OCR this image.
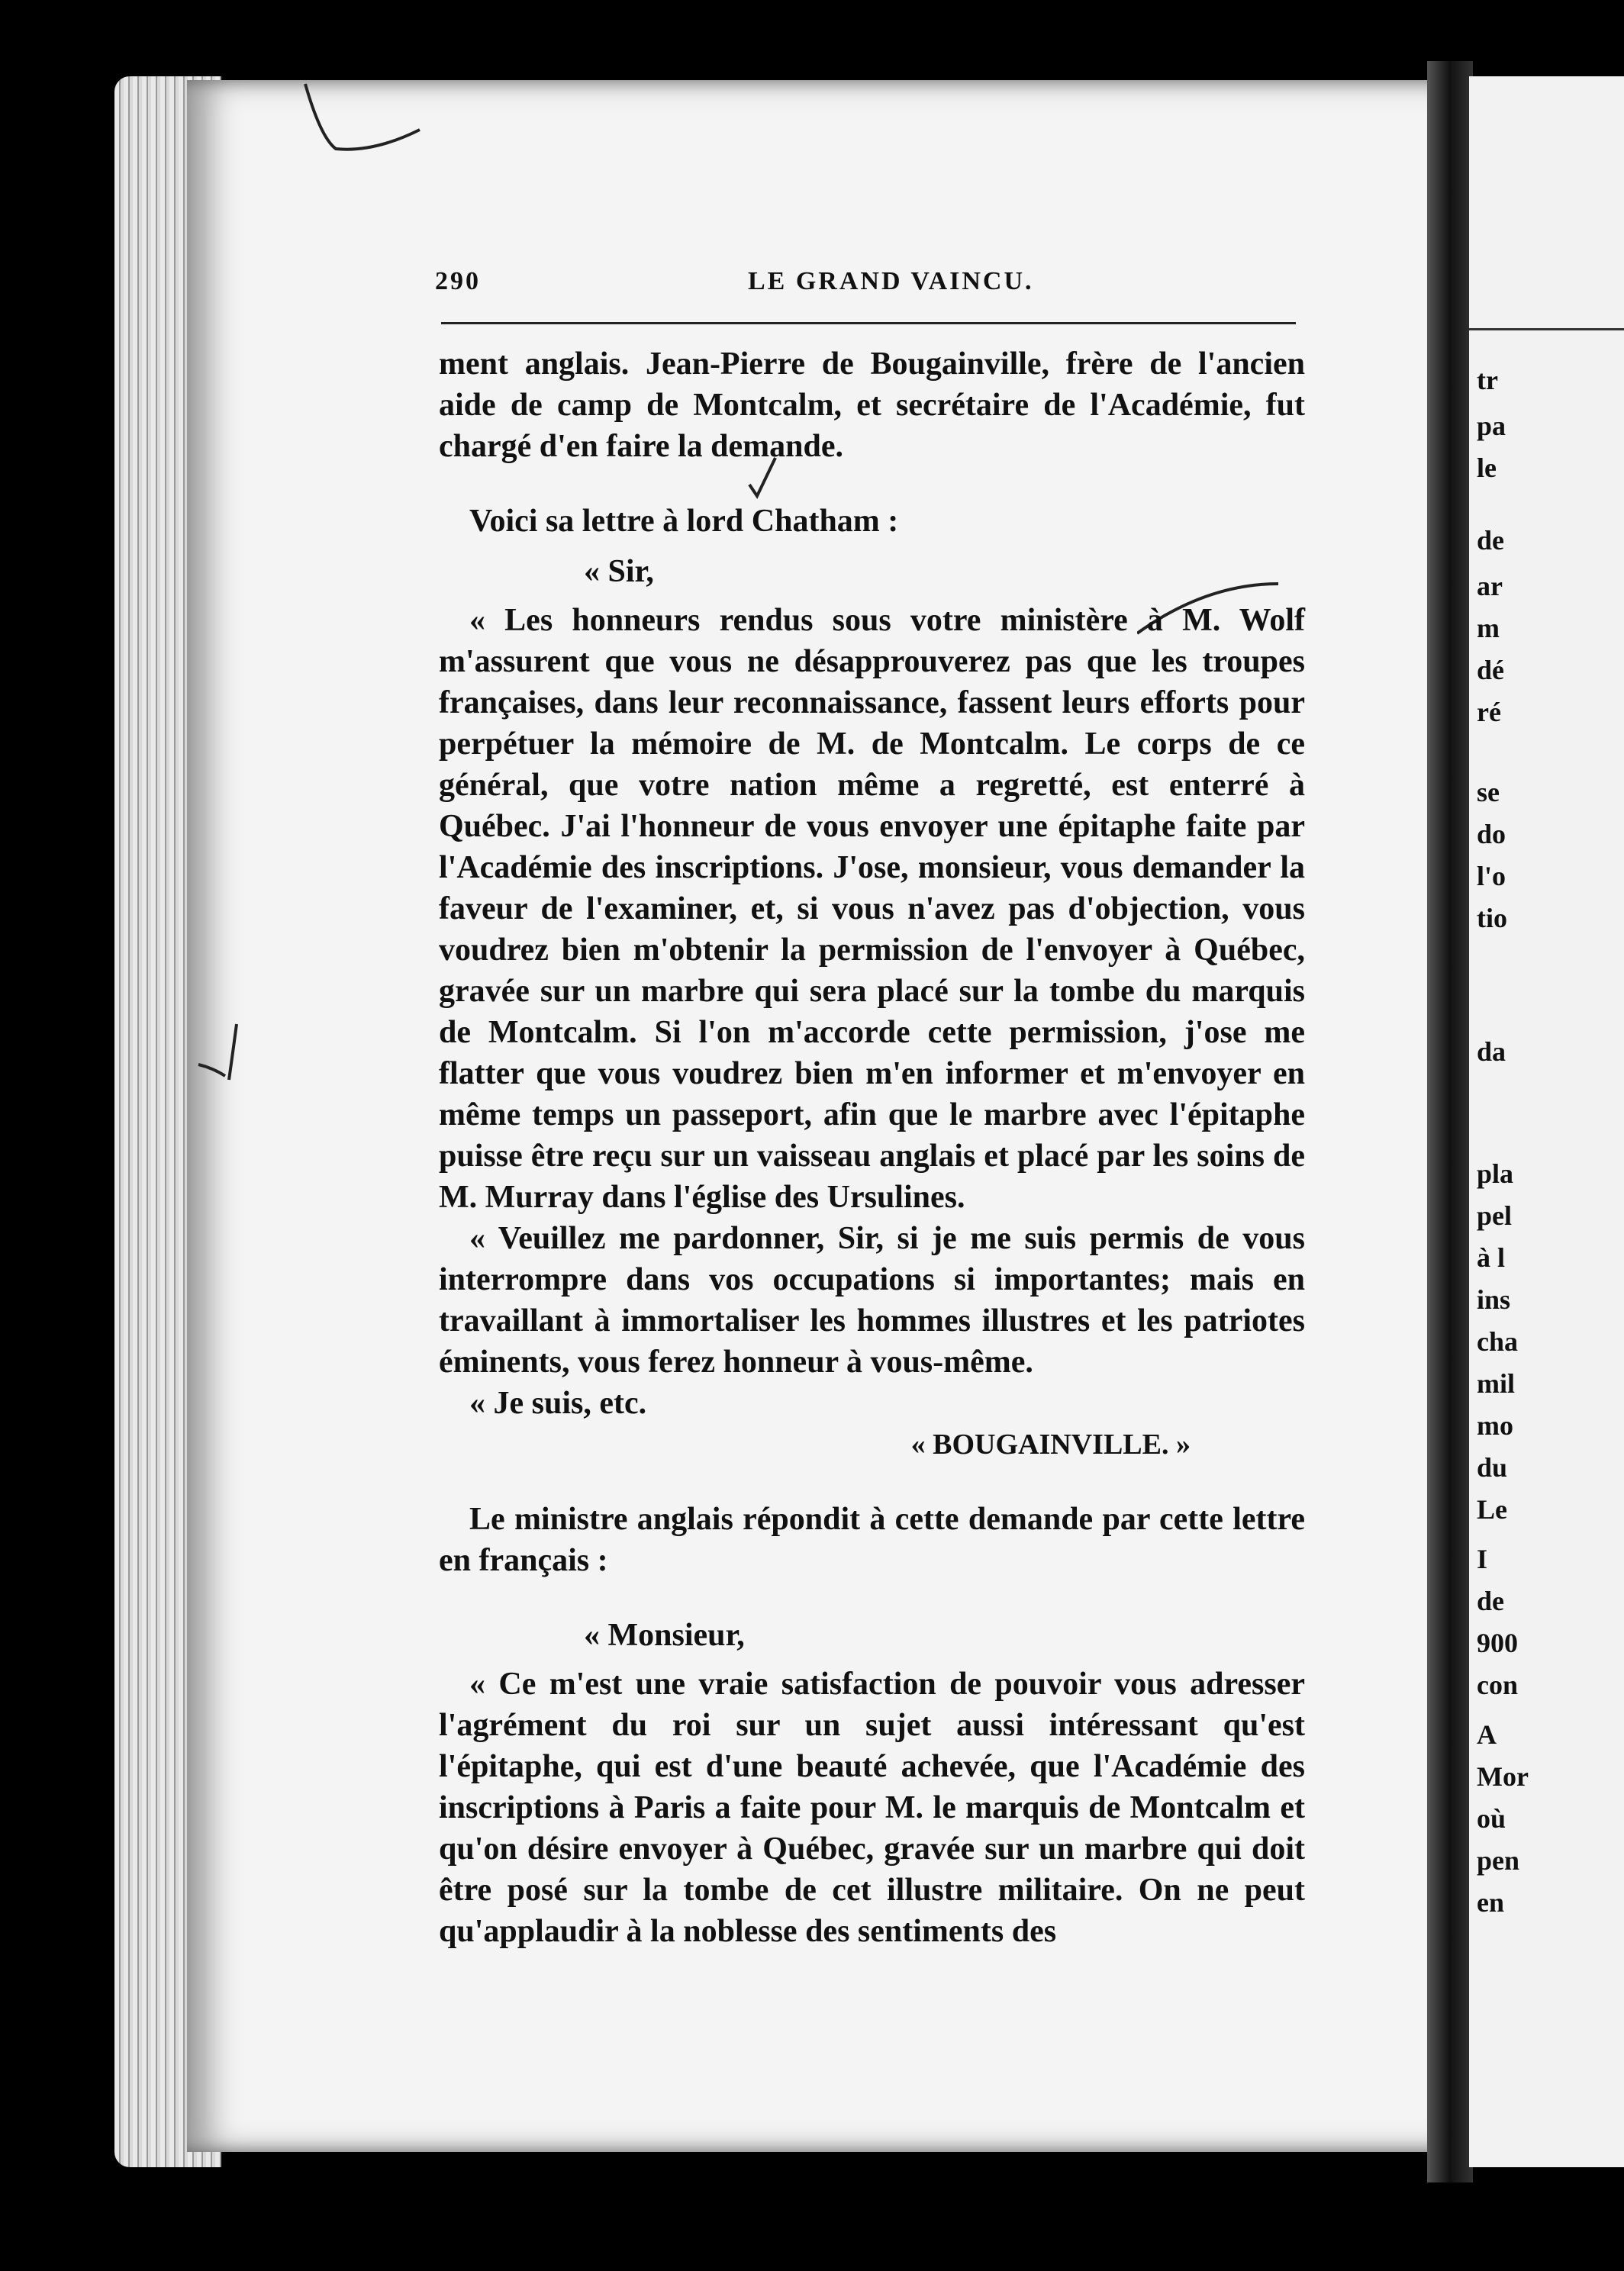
tr
pa
le
de
ar
m
dé
ré
se
do
l'o
tio
da
pla
pel
à l
ins
cha
mil
mo
du
Le
I
de
900
con
A
Mor
où
pen
en
290	LE GRAND VAINCU.

ment anglais. Jean-Pierre de Bougainville, frère de l'ancien aide de camp de Montcalm, et secrétaire de l'Académie, fut chargé d'en faire la demande.

Voici sa lettre à lord Chatham :

« Sir,

« Les honneurs rendus sous votre ministère à M. Wolf m'assurent que vous ne désapprouverez pas que les troupes françaises, dans leur reconnaissance, fassent leurs efforts pour perpétuer la mémoire de M. de Montcalm. Le corps de ce général, que votre nation même a regretté, est enterré à Québec. J'ai l'honneur de vous envoyer une épitaphe faite par l'Académie des inscriptions. J'ose, monsieur, vous demander la faveur de l'examiner, et, si vous n'avez pas d'objection, vous voudrez bien m'obtenir la permission de l'envoyer à Québec, gravée sur un marbre qui sera placé sur la tombe du marquis de Montcalm. Si l'on m'accorde cette permission, j'ose me flatter que vous voudrez bien m'en informer et m'envoyer en même temps un passeport, afin que le marbre avec l'épitaphe puisse être reçu sur un vaisseau anglais et placé par les soins de M. Murray dans l'église des Ursulines.

« Veuillez me pardonner, Sir, si je me suis permis de vous interrompre dans vos occupations si importantes; mais en travaillant à immortaliser les hommes illustres et les patriotes éminents, vous ferez honneur à vous-même.

« Je suis, etc.

« BOUGAINVILLE. »

Le ministre anglais répondit à cette demande par cette lettre en français :

« Monsieur,

« Ce m'est une vraie satisfaction de pouvoir vous adresser l'agrément du roi sur un sujet aussi intéressant qu'est l'épitaphe, qui est d'une beauté achevée, que l'Académie des inscriptions à Paris a faite pour M. le marquis de Montcalm et qu'on désire envoyer à Québec, gravée sur un marbre qui doit être posé sur la tombe de cet illustre militaire. On ne peut qu'applaudir à la noblesse des sentiments des
